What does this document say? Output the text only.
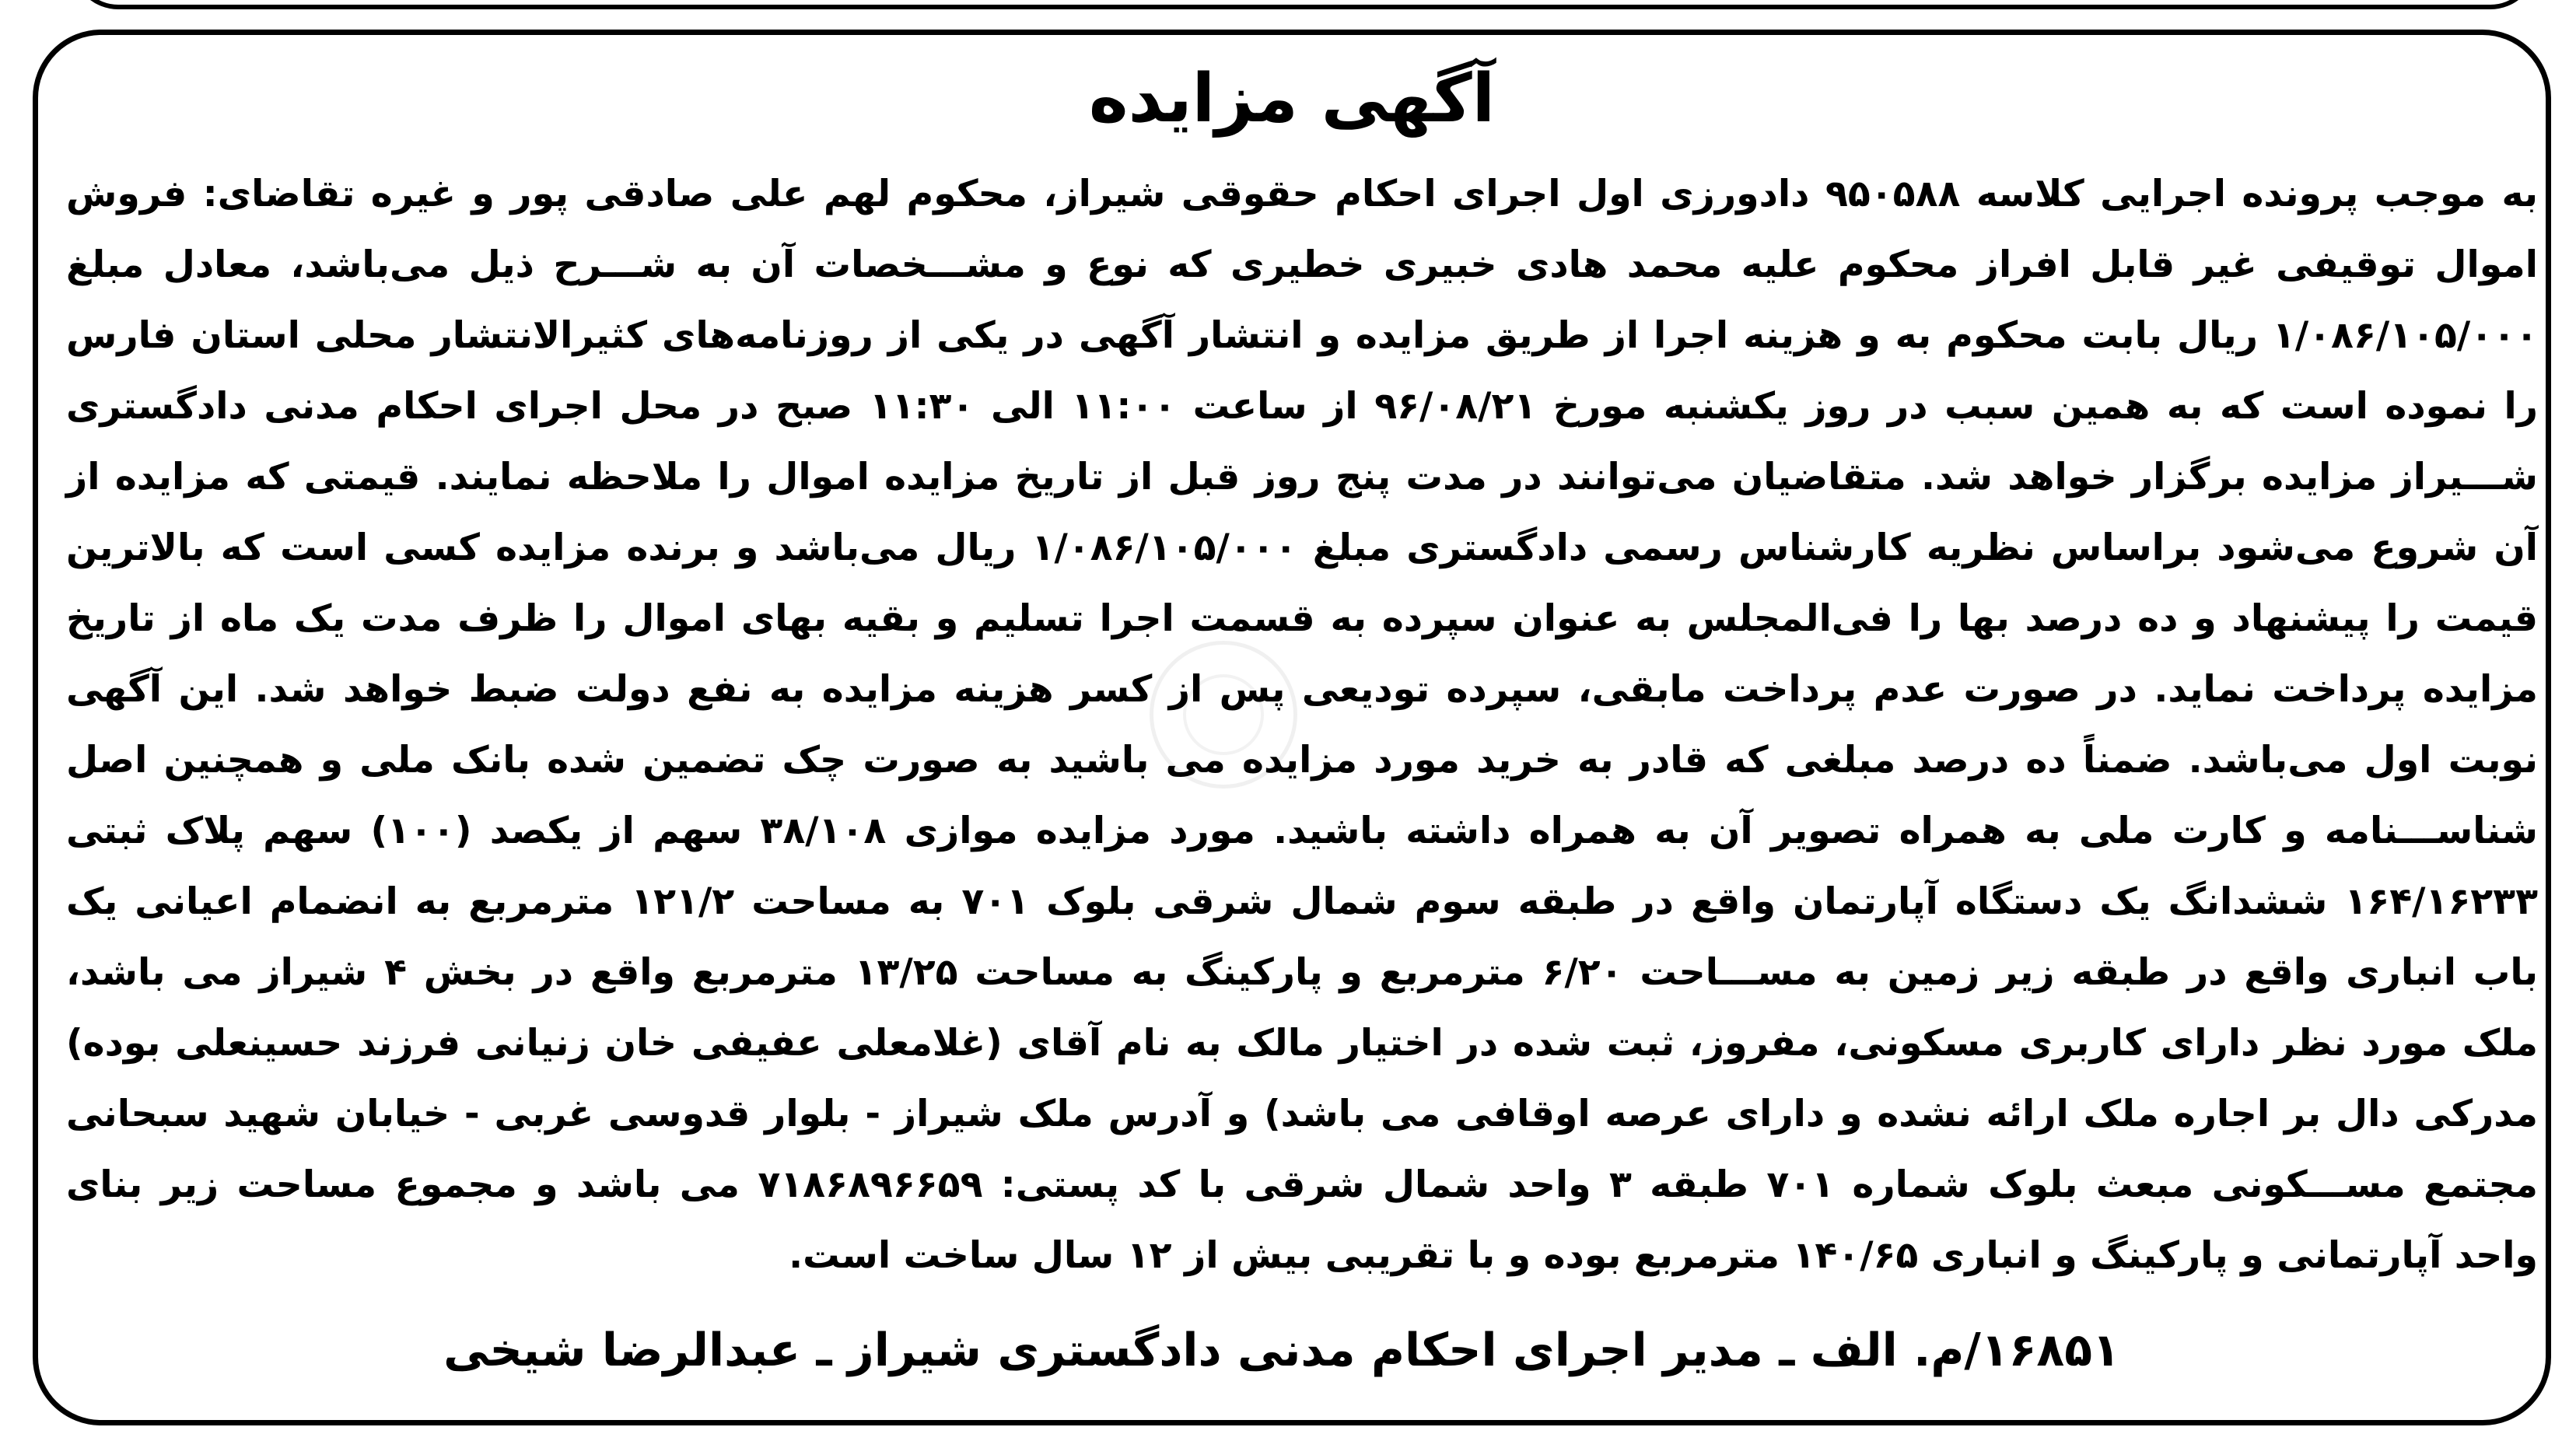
آگهی مزایده
به موجب پرونده اجرایی کلاسه ۹۵۰۵۸۸ دادورزی اول اجرای احکام حقوقی شیراز، محکوم لهم علی صادقی پور و غیره تقاضای: فروش
اموال توقیفی غیر قابل افراز محکوم علیه محمد هادی خبیری خطیری که نوع و مشـــخصات آن به شـــرح ذیل می‌باشد، معادل مبلغ
۱/۰۸۶/۱۰۵/۰۰۰ ریال بابت محکوم به و هزینه اجرا از طریق مزایده و انتشار آگهی در یکی از روزنامه‌های کثیرالانتشار محلی استان فارس
را نموده است که به همین سبب در روز یکشنبه مورخ ۹۶/۰۸/۲۱ از ساعت ۱۱:۰۰ الی ۱۱:۳۰ صبح در محل اجرای احکام مدنی دادگستری
شـــیراز مزایده برگزار خواهد شد. متقاضیان می‌توانند در مدت پنج روز قبل از تاریخ مزایده اموال را ملاحظه نمایند. قیمتی که مزایده از
آن شروع می‌شود براساس نظریه کارشناس رسمی دادگستری مبلغ ۱/۰۸۶/۱۰۵/۰۰۰ ریال می‌باشد و برنده مزایده کسی است که بالاترین
قیمت را پیشنهاد و ده درصد بها را فی‌المجلس به عنوان سپرده به قسمت اجرا تسلیم و بقیه بهای اموال را ظرف مدت یک ماه از تاریخ
مزایده پرداخت نماید. در صورت عدم پرداخت مابقی، سپرده تودیعی پس از کسر هزینه مزایده به نفع دولت ضبط خواهد شد. این آگهی
نوبت اول می‌باشد. ضمناً ده درصد مبلغی که قادر به خرید مورد مزایده می باشید به صورت چک تضمین شده بانک ملی و همچنین اصل
شناســـنامه و کارت ملی به همراه تصویر آن به همراه داشته باشید. مورد مزایده موازی ۳۸/۱۰۸ سهم از یکصد (۱۰۰) سهم پلاک ثبتی
۱۶۴/۱۶۲۳۳ ششدانگ یک دستگاه آپارتمان واقع در طبقه سوم شمال شرقی بلوک ۷۰۱ به مساحت ۱۲۱/۲ مترمربع به انضمام اعیانی یک
باب انباری واقع در طبقه زیر زمین به مســـاحت ۶/۲۰ مترمربع و پارکینگ به مساحت ۱۳/۲۵ مترمربع واقع در بخش ۴ شیراز می باشد،
ملک مورد نظر دارای کاربری مسکونی، مفروز، ثبت شده در اختیار مالک به نام آقای (غلامعلی عفیفی خان زنیانی فرزند حسینعلی بوده)
مدرکی دال بر اجاره ملک ارائه نشده و دارای عرصه اوقافی می باشد) و آدرس ملک شیراز - بلوار قدوسی غربی - خیابان شهید سبحانی
مجتمع مســـکونی مبعث بلوک شماره ۷۰۱ طبقه ۳ واحد شمال شرقی با کد پستی: ۷۱۸۶۸۹۶۶۵۹ می باشد و مجموع مساحت زیر بنای
واحد آپارتمانی و پارکینگ و انباری ۱۴۰/۶۵ مترمربع بوده و با تقریبی بیش از ۱۲ سال ساخت است.
۱۶۸۵۱/م. الف ـ مدیر اجرای احکام مدنی دادگستری شیراز ـ عبدالرضا شیخی
